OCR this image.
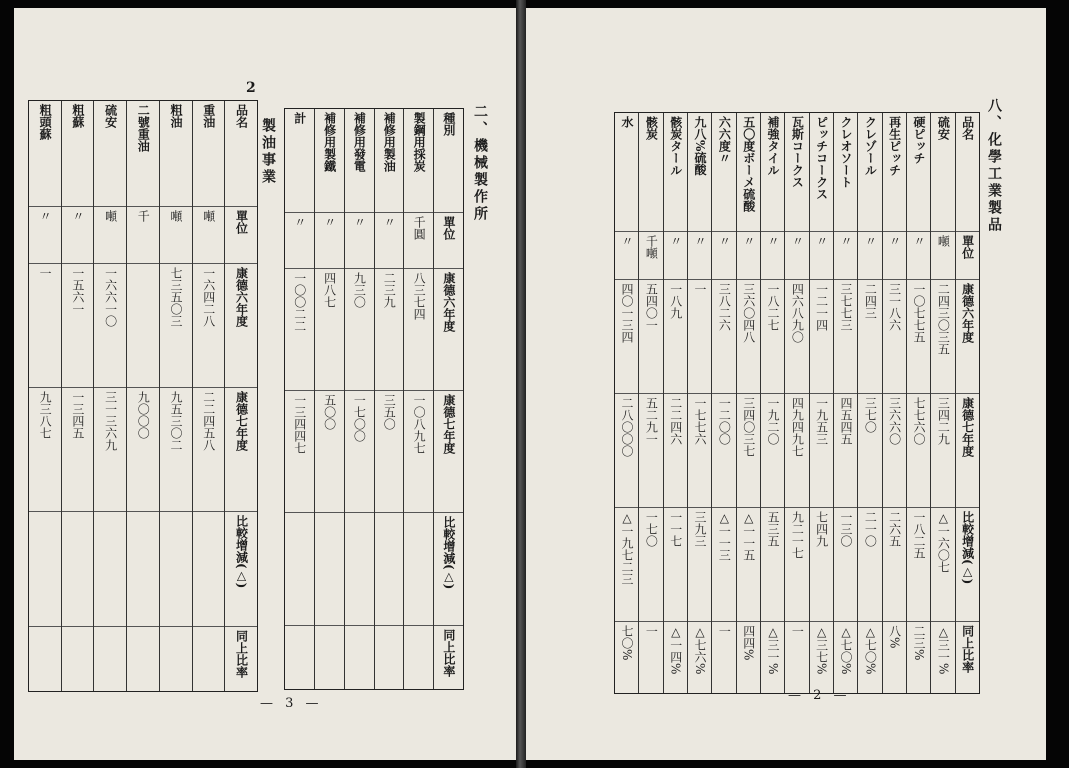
2
品名
單位
康德六年度
康德七年度
比較增減(△)
同上比率
重油
噸
一六四二八
二二四五八
粗油
噸
七三五〇三
九五三〇二
二號重油
千
九〇〇〇
硫安
噸
一六六一〇
三一三六九
粗蘇
〃
一五六一
一三四五
粗頭蘇
〃
一
九三八七
製油事業	種別
單位
康德六年度
康德七年度
比較增減(△)
同上比率
製鋼用採炭
千圓
八三七四
一〇八九七
補修用製油
〃
二三九
三五〇
補修用發電
〃
九三〇
一七〇〇
補修用製鐵
〃
四八七
五〇〇
計
〃
一〇〇二二
一三四四七
二、機械製作所
— 3 —
八、化學工業製品
品名
單位
康德六年度
康德七年度
比較增減(△)
同上比率
硫安
噸
二四三〇三五
三四二九
△一六〇七
△三一%
硬ピッチ
〃
一〇七七五
七七六〇
一八二五
二三%
再生ピッチ
〃
三一八六
三六六〇
二六五
八%
クレゾール
〃
二四三
三七〇
二一〇
△七〇%
クレオソート
〃
三七七三
四五四五
一三〇
△七〇%
ピッチコークス
〃
一二一四
一九五三
七四九
△三七%
瓦斯コークス
〃
四六八九〇
四九四九七
九二一七
一
補強タイル
〃
一八二七
一九二〇
五三五
△三一%
五〇度ボーメ硫酸
〃
三六〇四八
三四〇三七
△一一五
四四%
六六度〃
〃
三八二六
一二〇〇
△一一三
一
九八%硫酸
〃
一
一七七六
三九三
△七六%
骸炭タール
〃
一八九
二二四六
一一七
△一四%
骸炭
千噸
五四〇一
五二九一
一七〇
一
水
〃
四〇一三四
二八〇〇〇
△一九七二三
七〇%
— 2 —
